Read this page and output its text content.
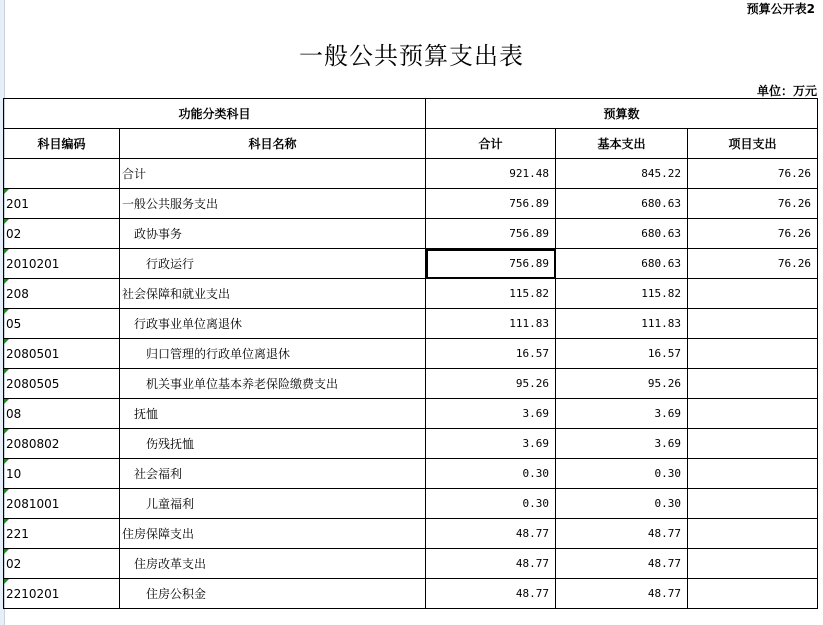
预算公开表2
一般公共预算支出表
单位：万元
功能分类科目		预算数		
科目编码	科目名称	合计	基本支出	项目支出
	合计	921.48	845.22	76.26
201	一般公共服务支出	756.89	680.63	76.26
02	政协事务	756.89	680.63	76.26
2010201	行政运行	756.89	680.63	76.26
208	社会保障和就业支出	115.82	115.82	
05	行政事业单位离退休	111.83	111.83	
2080501	归口管理的行政单位离退休	16.57	16.57	
2080505	机关事业单位基本养老保险缴费支出	95.26	95.26	
08	抚恤	3.69	3.69	
2080802	伤残抚恤	3.69	3.69	
10	社会福利	0.30	0.30	
2081001	儿童福利	0.30	0.30	
221	住房保障支出	48.77	48.77	
02	住房改革支出	48.77	48.77	
2210201	住房公积金	48.77	48.77	
